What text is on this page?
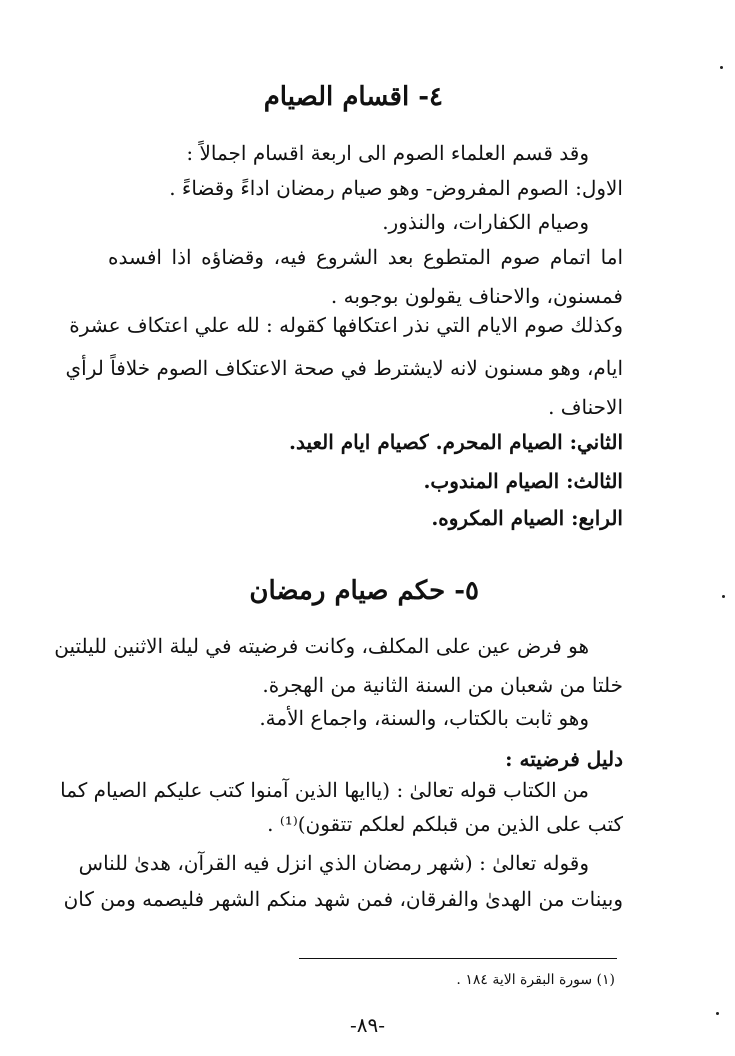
٤- اقسام الصيام
وقد قسم العلماء الصوم الى اربعة اقسام اجمالاً :
الاول: الصوم المفروض- وهو صيام رمضان اداءً وقضاءً .
وصيام الكفارات، والنذور.
اما اتمام صوم المتطوع بعد الشروع فيه، وقضاؤه اذا افسده
فمسنون، والاحناف يقولون بوجوبه .
وكذلك صوم الايام التي نذر اعتكافها كقوله : لله علي اعتكاف عشرة
ايام، وهو مسنون لانه لايشترط في صحة الاعتكاف الصوم خلافاً لرأي
الاحناف .
الثاني: الصيام المحرم. كصيام ايام العيد.
الثالث: الصيام المندوب.
الرابع: الصيام المكروه.
٥- حكم صيام رمضان
هو فرض عين على المكلف، وكانت فرضيته في ليلة الاثنين لليلتين
خلتا من شعبان من السنة الثانية من الهجرة.
وهو ثابت بالكتاب، والسنة، واجماع الأمة.
دليل فرضيته :
من الكتاب قوله تعالىٰ : (ياايها الذين آمنوا كتب عليكم الصيام كما
كتب على الذين من قبلكم لعلكم تتقون)⁽¹⁾ .
وقوله تعالىٰ : (شهر رمضان الذي انزل فيه القرآن، هدىٰ للناس
وبينات من الهدىٰ والفرقان، فمن شهد منكم الشهر فليصمه ومن كان
(١) سورة البقرة الاية ١٨٤ .
-٨٩-
